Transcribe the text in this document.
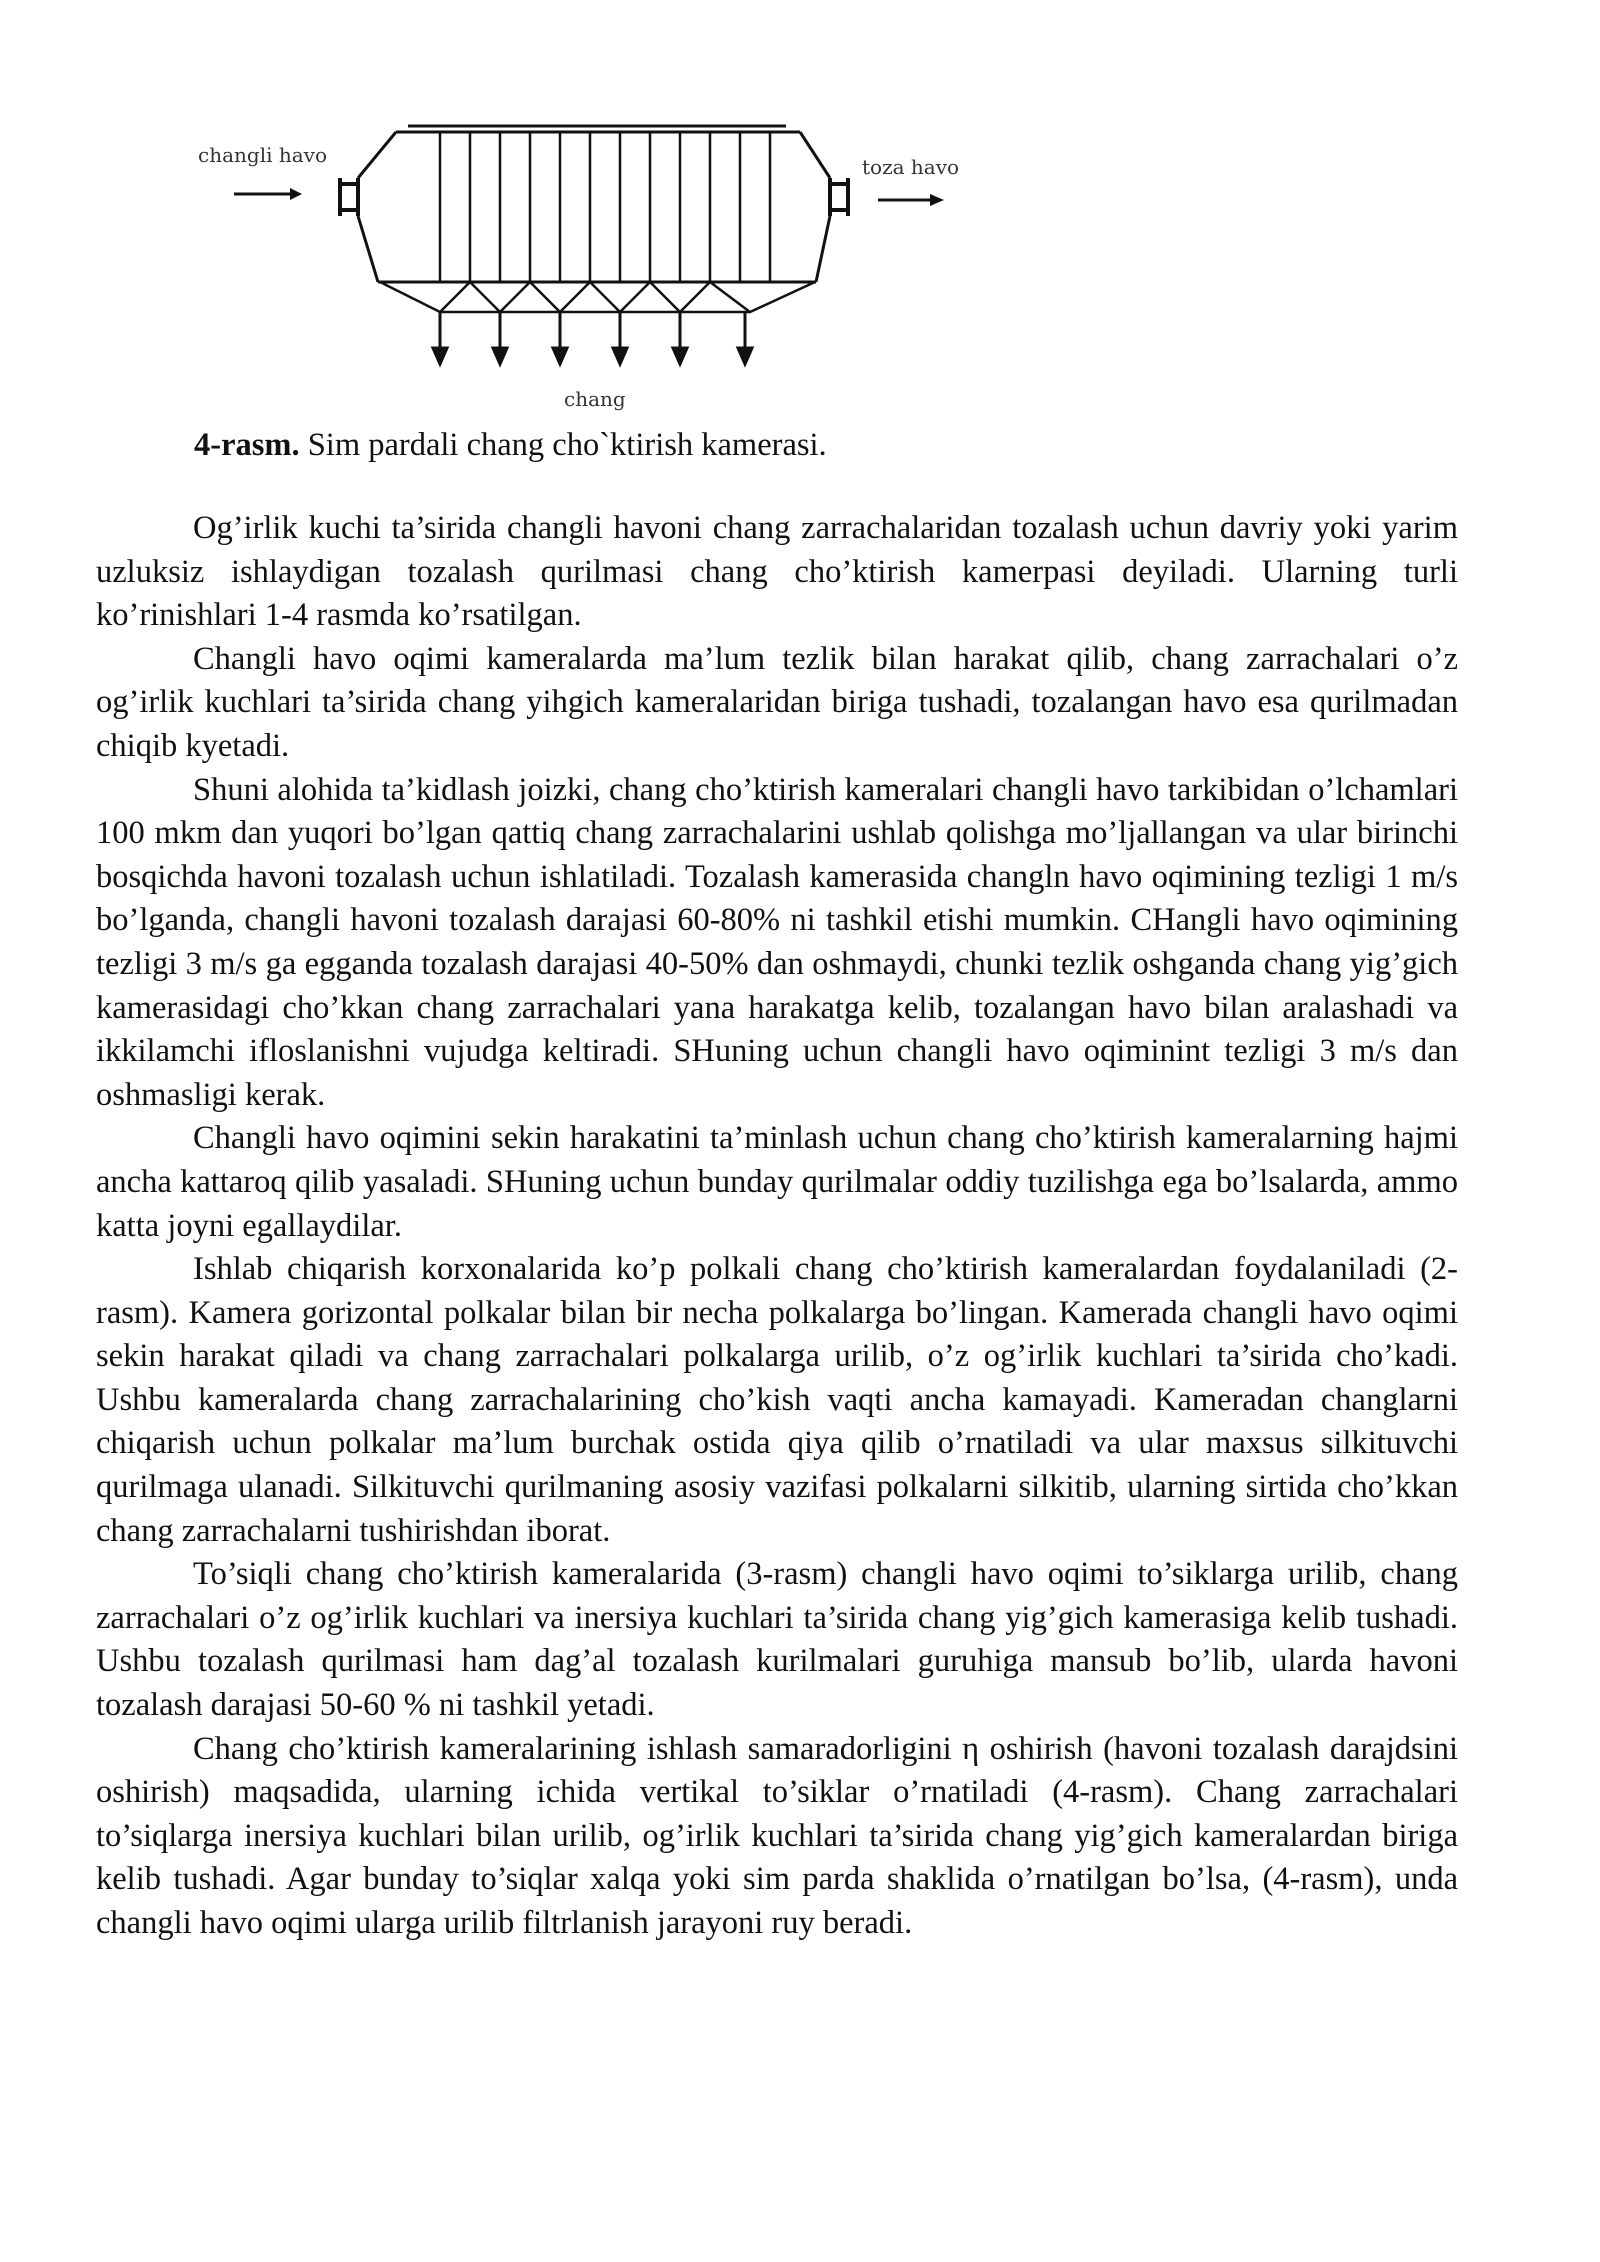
changli havo	toza havo
chang
4-rasm. Sim pardali chang cho`ktirish kamerasi.

Og’irlik kuchi ta’sirida changli havoni chang zarrachalaridan tozalash uchun davriy yoki yarim uzluksiz ishlaydigan tozalash qurilmasi chang cho’ktirish kamerpasi deyiladi. Ularning turli ko’rinishlari 1-4 rasmda ko’rsatilgan.

Changli havo oqimi kameralarda ma’lum tezlik bilan harakat qilib, chang zarrachalari o’z og’irlik kuchlari ta’sirida chang yihgich kameralaridan biriga tushadi, tozalangan havo esa qurilmadan chiqib kyetadi.

Shuni alohida ta’kidlash joizki, chang cho’ktirish kameralari changli havo tarkibidan o’lchamlari 100 mkm dan yuqori bo’lgan qattiq chang zarrachalarini ushlab qolishga mo’ljallangan va ular birinchi bosqichda havoni tozalash uchun ishlatiladi. Tozalash kamerasida changln havo oqimining tezligi 1 m/s bo’lganda, changli havoni tozalash darajasi 60-80% ni tashkil etishi mumkin. CHangli havo oqimining tezligi 3 m/s ga egganda tozalash darajasi 40-50% dan oshmaydi, chunki tezlik oshganda chang yig’gich kamerasidagi cho’kkan chang zarrachalari yana harakatga kelib, tozalangan havo bilan aralashadi va ikkilamchi ifloslanishni vujudga keltiradi. SHuning uchun changli havo oqiminint tezligi 3 m/s dan oshmasligi kerak.

Changli havo oqimini sekin harakatini ta’minlash uchun chang cho’ktirish kameralarning hajmi ancha kattaroq qilib yasaladi. SHuning uchun bunday qurilmalar oddiy tuzilishga ega bo’lsalarda, ammo katta joyni egallaydilar.

Ishlab chiqarish korxonalarida ko’p polkali chang cho’ktirish kameralardan foydalaniladi (2-rasm). Kamera gorizontal polkalar bilan bir necha polkalarga bo’lingan. Kamerada changli havo oqimi sekin harakat qiladi va chang zarrachalari polkalarga urilib, o’z og’irlik kuchlari ta’sirida cho’kadi. Ushbu kameralarda chang zarrachalarining cho’kish vaqti ancha kamayadi. Kameradan changlarni chiqarish uchun polkalar ma’lum burchak ostida qiya qilib o’rnatiladi va ular maxsus silkituvchi qurilmaga ulanadi. Silkituvchi qurilmaning asosiy vazifasi polkalarni silkitib, ularning sirtida cho’kkan chang zarrachalarni tushirishdan iborat.

To’siqli chang cho’ktirish kameralarida (3-rasm) changli havo oqimi to’siklarga urilib, chang zarrachalari o’z og’irlik kuchlari va inersiya kuchlari ta’sirida chang yig’gich kamerasiga kelib tushadi. Ushbu tozalash qurilmasi ham dag’al tozalash kurilmalari guruhiga mansub bo’lib, ularda havoni tozalash darajasi 50-60 % ni tashkil yetadi.

Chang cho’ktirish kameralarining ishlash samaradorligini η oshirish (havoni tozalash darajdsini oshirish) maqsadida, ularning ichida vertikal to’siklar o’rnatiladi (4-rasm). Chang zarrachalari to’siqlarga inersiya kuchlari bilan urilib, og’irlik kuchlari ta’sirida chang yig’gich kameralardan biriga kelib tushadi. Agar bunday to’siqlar xalqa yoki sim parda shaklida o’rnatilgan bo’lsa, (4-rasm), unda changli havo oqimi ularga urilib filtrlanish jarayoni ruy beradi.
